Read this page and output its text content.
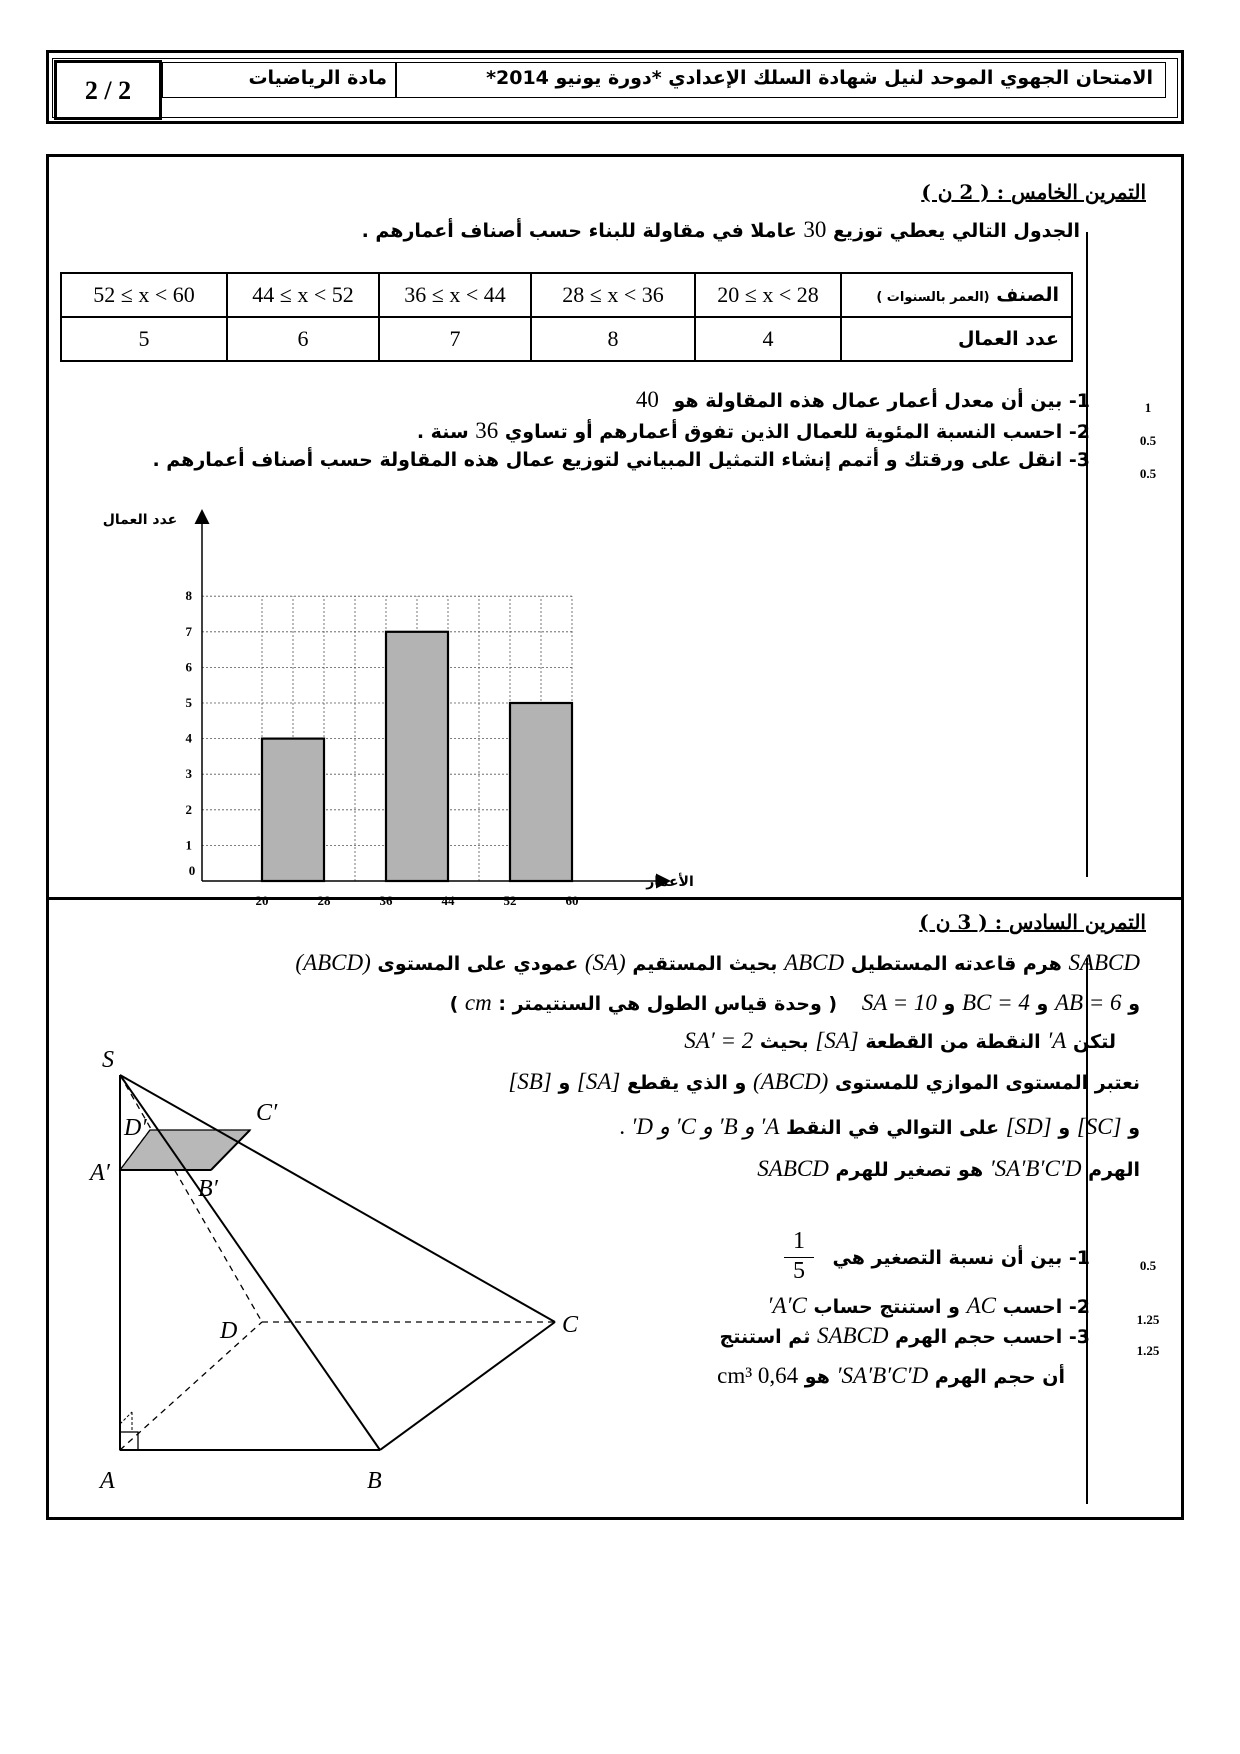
الامتحان الجهوي الموحد لنيل شهادة السلك الإعدادي *دورة يونيو 2014*
مادة الرياضيات
2 / 2
التمرين الخامس : ( 2 ن )
الجدول التالي يعطي توزيع 30 عاملا في مقاولة للبناء حسب أصناف أعمارهم .
52 ≤ x < 60	44 ≤ x < 52	36 ≤ x < 44	28 ≤ x < 36	20 ≤ x < 28	الصنف (العمر بالسنوات )
5	6	7	8	4	عدد العمال
1- بين أن معدل أعمار عمال هذه المقاولة هو 40
2- احسب النسبة المئوية للعمال الذين تفوق أعمارهم أو تساوي 36 سنة .
3- انقل على ورقتك و أتمم إنشاء التمثيل المبياني لتوزيع عمال هذه المقاولة حسب أصناف أعمارهم .
1
0.5
0.5
20	28	36	44	52	60
1
2
3
4
5
6
7
8
عدد العمال
الأعمار
0
التمرين السادس : ( 3 ن )
SABCD هرم قاعدته المستطيل ABCD بحيث المستقيم (SA) عمودي على المستوى (ABCD)
و AB = 6 و BC = 4 و SA = 10 ( وحدة قياس الطول هي السنتيمتر : cm )
لتكن A′ النقطة من القطعة [SA] بحيث SA′ = 2
نعتبر المستوى الموازي للمستوى (ABCD) و الذي يقطع [SA] و [SB]
و [SC] و [SD] على التوالي في النقط A′ و B′ و C′ و D′ .
الهرم SA′B′C′D′ هو تصغير للهرم SABCD
1- بين أن نسبة التصغير هي
$\frac{1}{5}$
2- احسب AC و استنتج حساب A′C′
3- احسب حجم الهرم SABCD ثم استنتج
أن حجم الهرم SA′B′C′D′ هو 0,64 cm³
0.5
1.25
1.25
S
A′
D′
C′
B′
D	C
A	B
